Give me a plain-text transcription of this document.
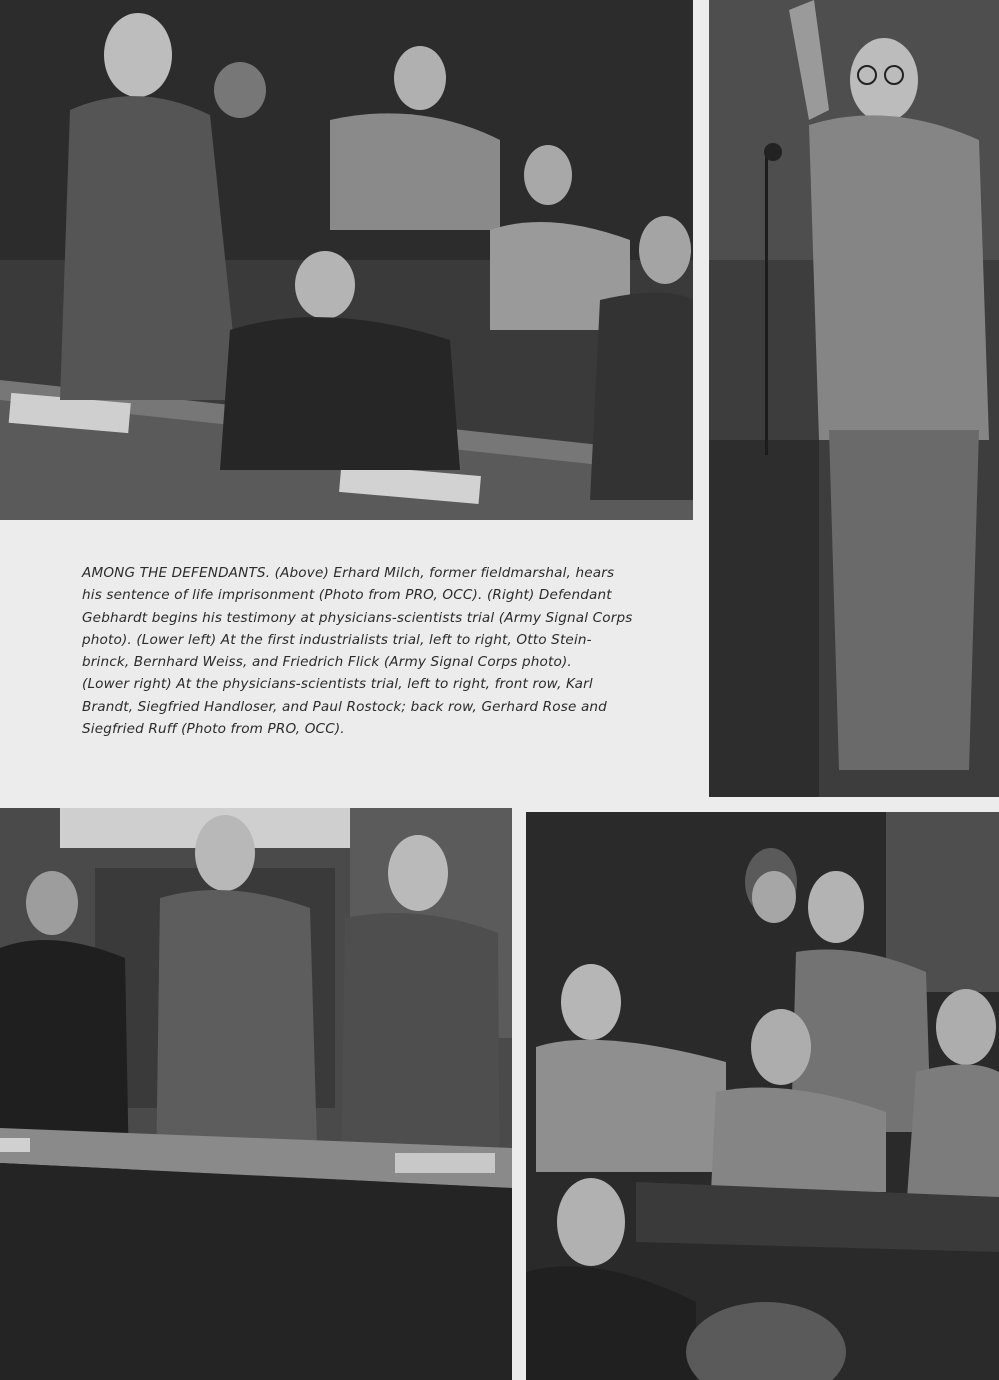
AMONG THE DEFENDANTS. (Above) Erhard Milch, former fieldmarshal, hears
his sentence of life imprisonment (Photo from PRO, OCC). (Right) Defendant
Gebhardt begins his testimony at physicians-scientists trial (Army Signal Corps
photo). (Lower left) At the first industrialists trial, left to right, Otto Stein-
brinck, Bernhard Weiss, and Friedrich Flick (Army Signal Corps photo).
(Lower right) At the physicians-scientists trial, left to right, front row, Karl
Brandt, Siegfried Handloser, and Paul Rostock; back row, Gerhard Rose and
Siegfried Ruff (Photo from PRO, OCC).
